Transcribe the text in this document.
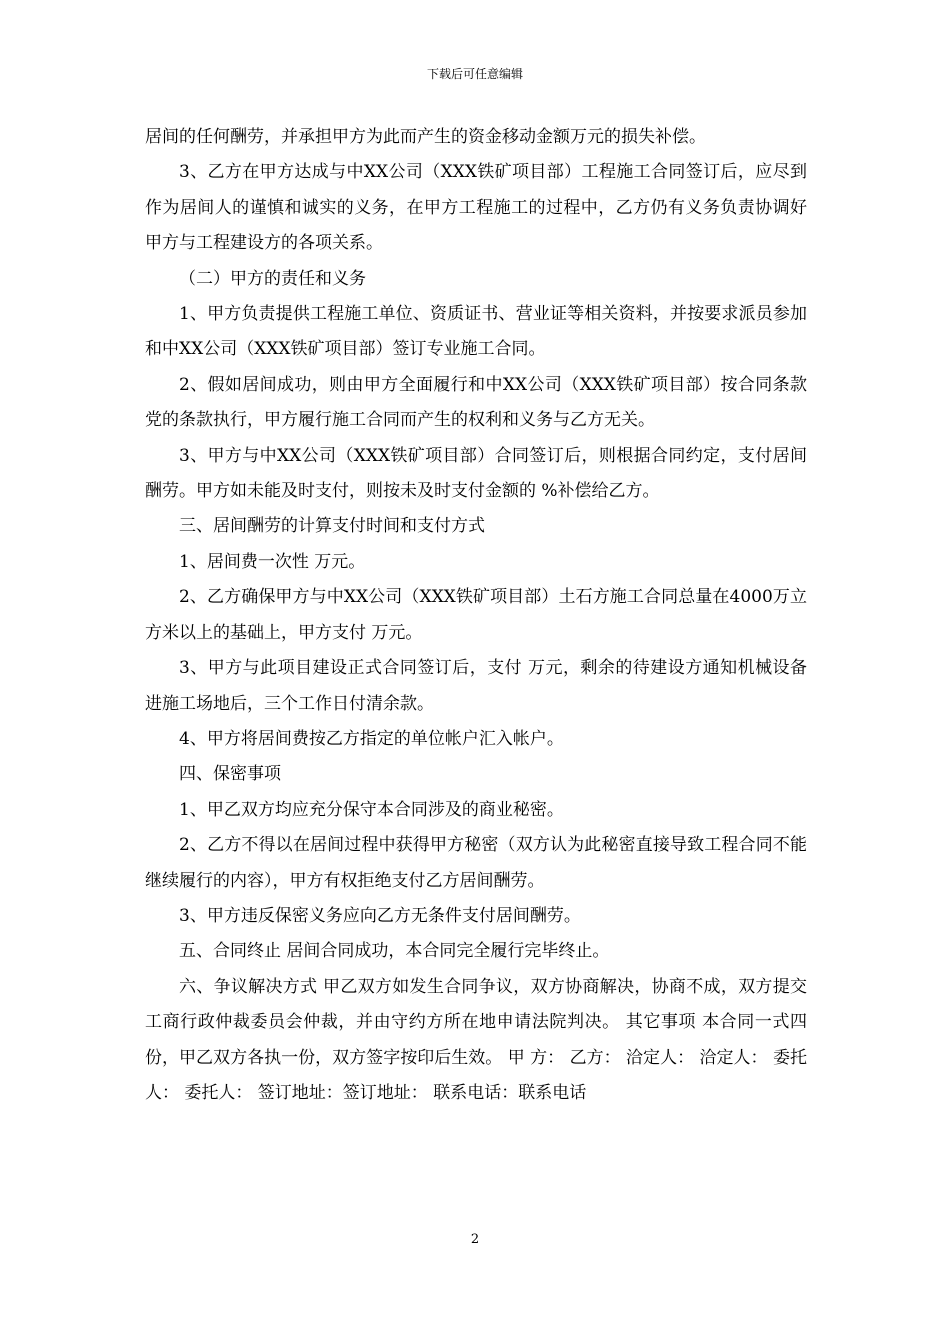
下载后可任意编辑

居间的任何酬劳，并承担甲方为此而产生的资金移动金额万元的损失补偿。

3、乙方在甲方达成与中XX公司（XXX铁矿项目部）工程施工合同签订后，应尽到作为居间人的谨慎和诚实的义务，在甲方工程施工的过程中，乙方仍有义务负责协调好甲方与工程建设方的各项关系。

（二）甲方的责任和义务

1、甲方负责提供工程施工单位、资质证书、营业证等相关资料，并按要求派员参加和中XX公司（XXX铁矿项目部）签订专业施工合同。

2、假如居间成功，则由甲方全面履行和中XX公司（XXX铁矿项目部）按合同条款党的条款执行，甲方履行施工合同而产生的权利和义务与乙方无关。

3、甲方与中XX公司（XXX铁矿项目部）合同签订后，则根据合同约定，支付居间酬劳。甲方如未能及时支付，则按未及时支付金额的 %补偿给乙方。

三、居间酬劳的计算支付时间和支付方式

1、居间费一次性 万元。

2、乙方确保甲方与中XX公司（XXX铁矿项目部）土石方施工合同总量在4000万立方米以上的基础上，甲方支付 万元。

3、甲方与此项目建设正式合同签订后，支付 万元，剩余的待建设方通知机械设备进施工场地后，三个工作日付清余款。

4、甲方将居间费按乙方指定的单位帐户汇入帐户。

四、保密事项

1、甲乙双方均应充分保守本合同涉及的商业秘密。

2、乙方不得以在居间过程中获得甲方秘密（双方认为此秘密直接导致工程合同不能继续履行的内容），甲方有权拒绝支付乙方居间酬劳。

3、甲方违反保密义务应向乙方无条件支付居间酬劳。

五、合同终止 居间合同成功，本合同完全履行完毕终止。

六、争议解决方式 甲乙双方如发生合同争议，双方协商解决，协商不成，双方提交工商行政仲裁委员会仲裁，并由守约方所在地申请法院判决。 其它事项 本合同一式四份，甲乙双方各执一份，双方签字按印后生效。 甲 方： 乙方： 洽定人： 洽定人： 委托人： 委托人： 签订地址：签订地址： 联系电话：联系电话

2
